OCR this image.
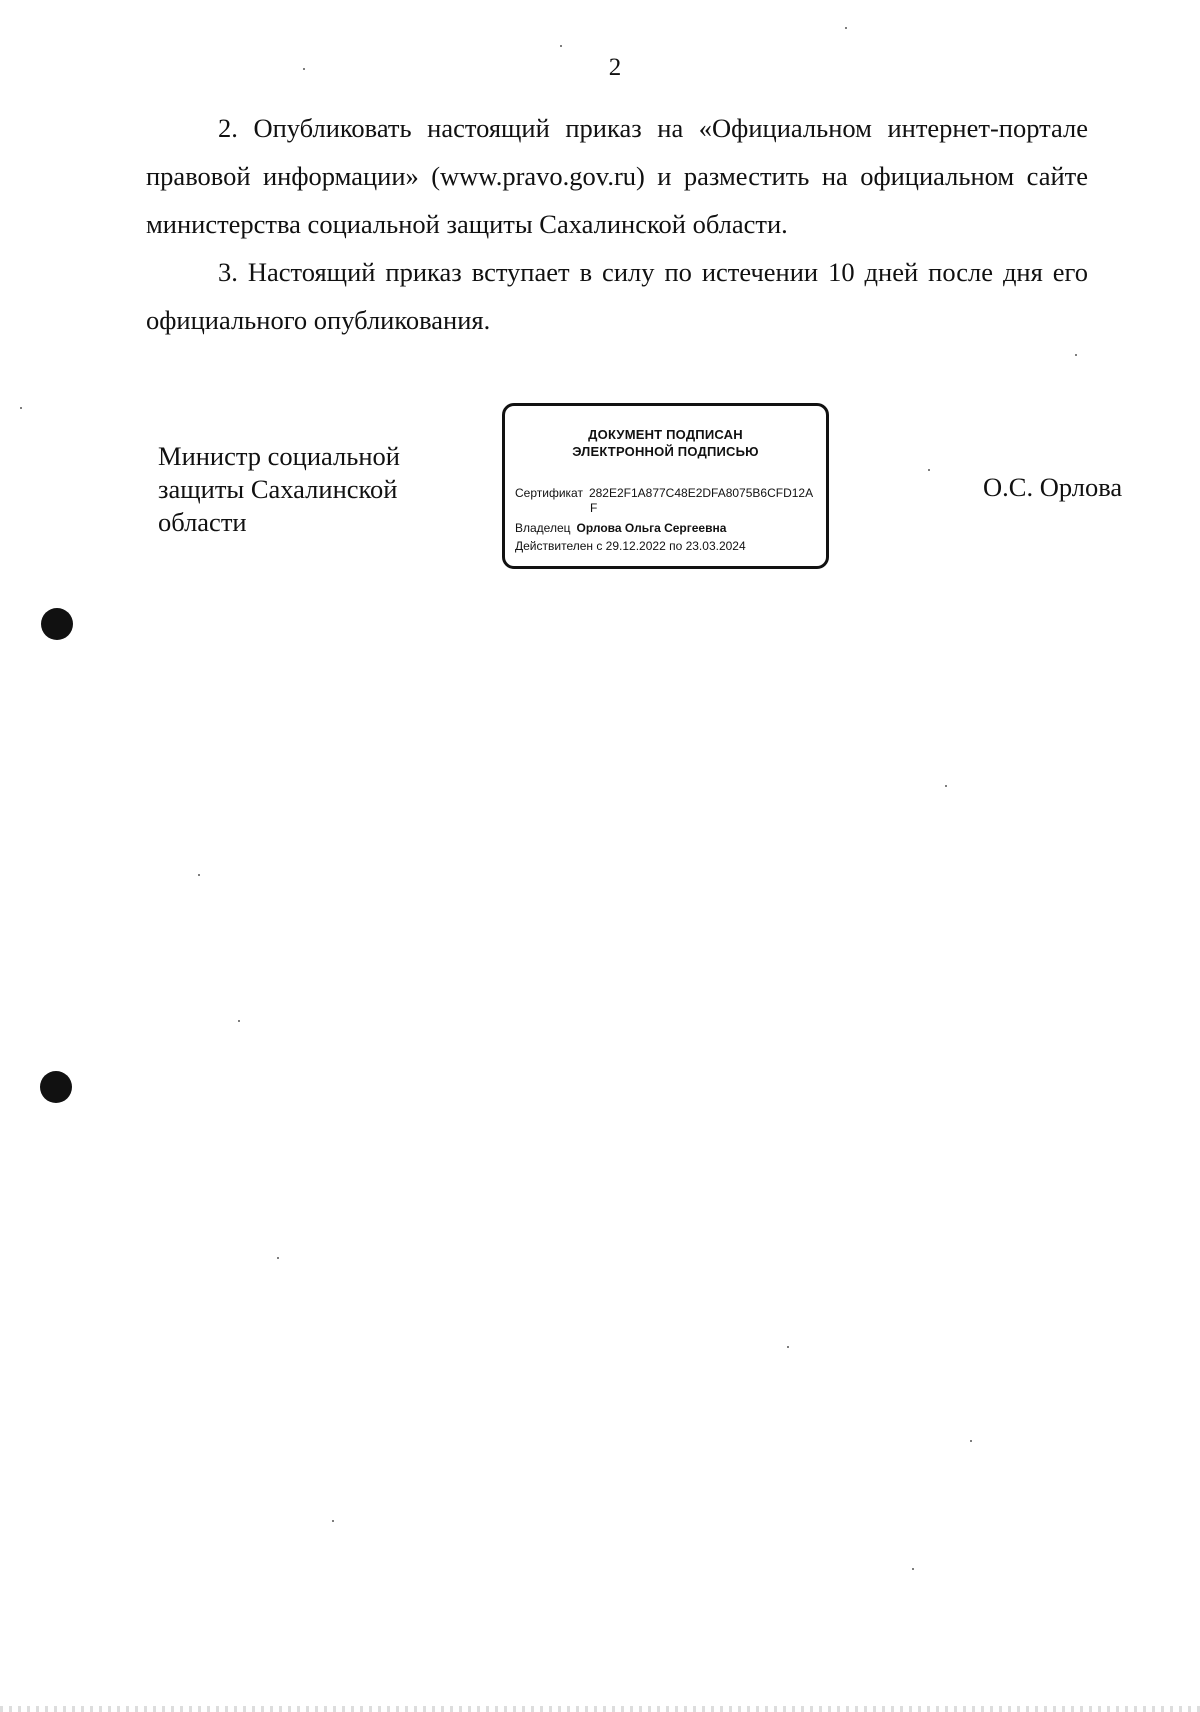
2

2. Опубликовать настоящий приказ на «Официальном интернет-портале правовой информации» (www.pravo.gov.ru) и разместить на официальном сайте министерства социальной защиты Сахалинской области.

3. Настоящий приказ вступает в силу по истечении 10 дней после дня его официального опубликования.

Министр социальной
защиты Сахалинской
области
ДОКУМЕНТ ПОДПИСАН
ЭЛЕКТРОННОЙ ПОДПИСЬЮ
Сертификат 282E2F1A877C48E2DFA8075B6CFD12A
F
Владелец Орлова Ольга Сергеевна
Действителен с 29.12.2022 по 23.03.2024
О.С. Орлова
